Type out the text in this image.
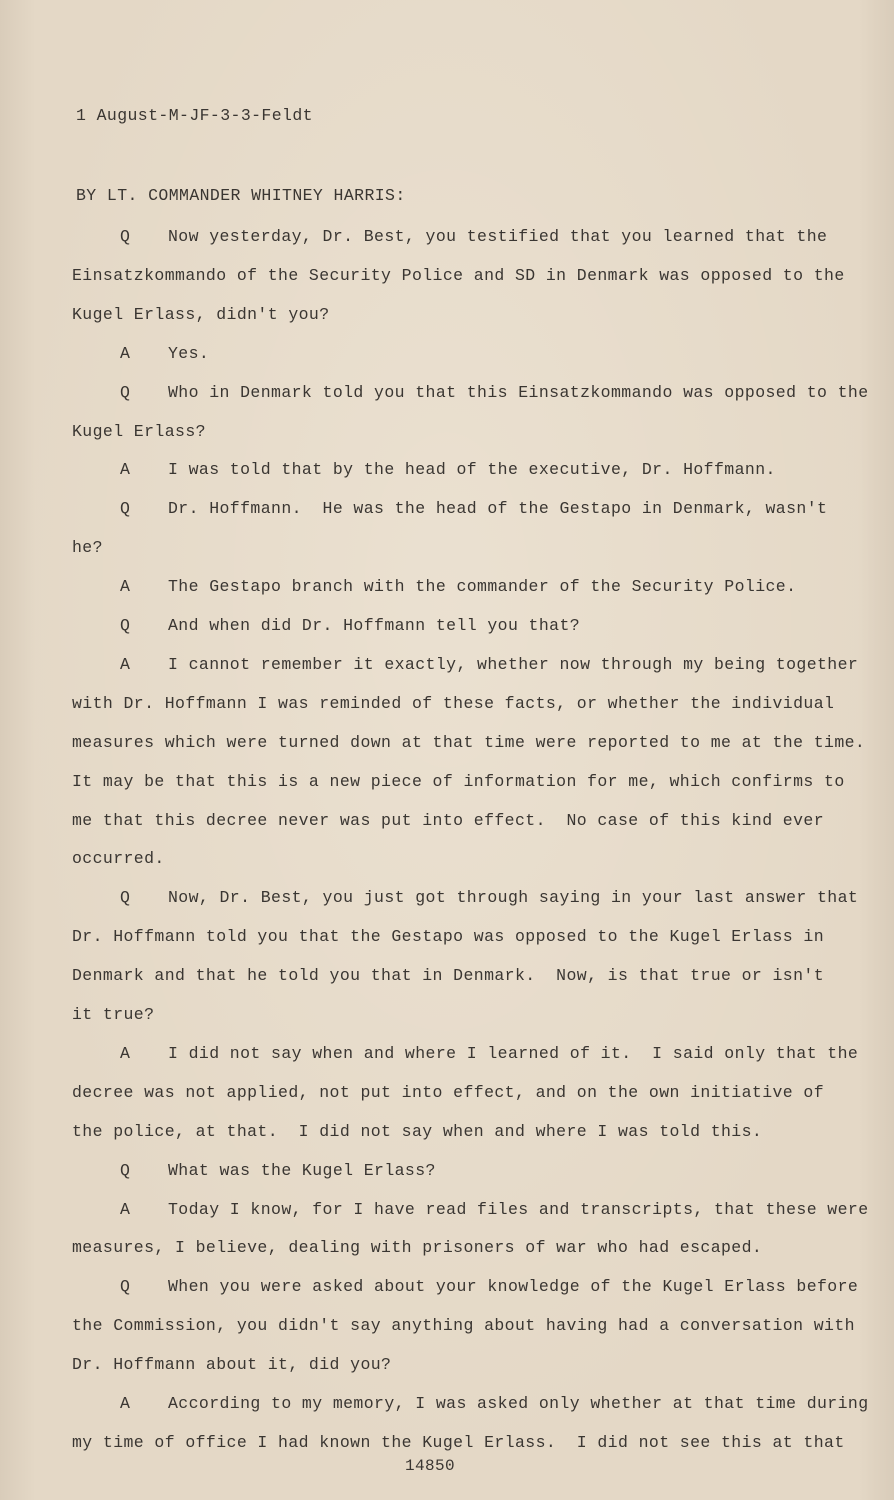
1 August-M-JF-3-3-Feldt
BY LT. COMMANDER WHITNEY HARRIS:
Q Now yesterday, Dr. Best, you testified that you learned that the
Einsatzkommando of the Security Police and SD in Denmark was opposed to the
Kugel Erlass, didn't you?
A Yes.
Q Who in Denmark told you that this Einsatzkommando was opposed to the
Kugel Erlass?
A I was told that by the head of the executive, Dr. Hoffmann.
Q Dr. Hoffmann.  He was the head of the Gestapo in Denmark, wasn't
he?
A The Gestapo branch with the commander of the Security Police.
Q And when did Dr. Hoffmann tell you that?
A I cannot remember it exactly, whether now through my being together
with Dr. Hoffmann I was reminded of these facts, or whether the individual
measures which were turned down at that time were reported to me at the time.
It may be that this is a new piece of information for me, which confirms to
me that this decree never was put into effect.  No case of this kind ever
occurred.
Q Now, Dr. Best, you just got through saying in your last answer that
Dr. Hoffmann told you that the Gestapo was opposed to the Kugel Erlass in
Denmark and that he told you that in Denmark.  Now, is that true or isn't
it true?
A I did not say when and where I learned of it.  I said only that the
decree was not applied, not put into effect, and on the own initiative of
the police, at that.  I did not say when and where I was told this.
Q What was the Kugel Erlass?
A Today I know, for I have read files and transcripts, that these were
measures, I believe, dealing with prisoners of war who had escaped.
Q When you were asked about your knowledge of the Kugel Erlass before
the Commission, you didn't say anything about having had a conversation with
Dr. Hoffmann about it, did you?
A According to my memory, I was asked only whether at that time during
my time of office I had known the Kugel Erlass.  I did not see this at that
14850
